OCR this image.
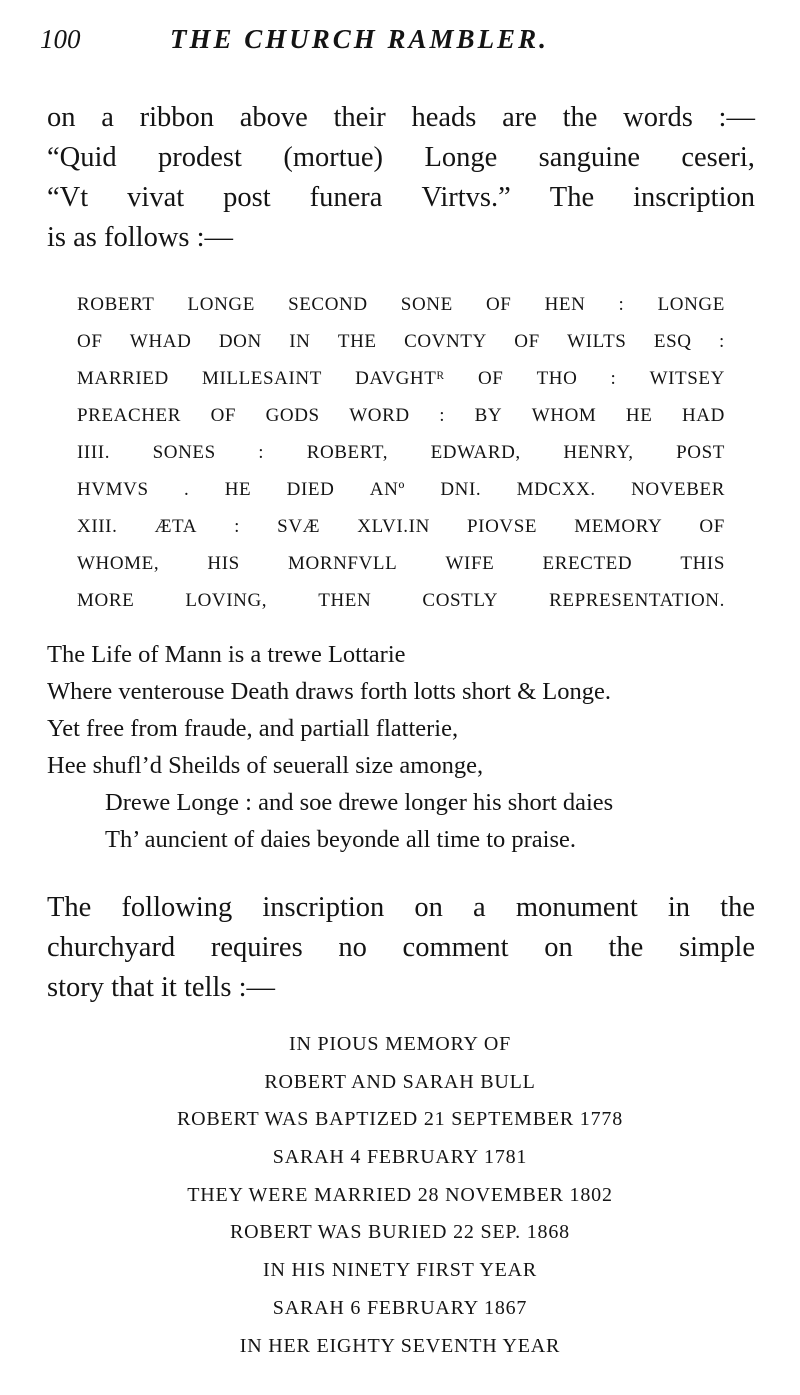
100	THE CHURCH RAMBLER.
on a ribbon above their heads are the words :—
“Quid prodest (mortue) Longe sanguine ceseri,
“Vt vivat post funera Virtvs.” The inscription
is as follows :—
ROBERT LONGE SECOND SONE OF HEN : LONGE
OF WHAD DON IN THE COVNTY OF WILTS ESQ :
MARRIED MILLESAINT DAVGHTᴿ OF THO : WITSEY
PREACHER OF GODS WORD : BY WHOM HE HAD
IIII. SONES : ROBERT, EDWARD, HENRY, POST
HVMVS . HE DIED ANº DNI. MDCXX. NOVEBER
XIII. ÆTA : SVÆ XLVI.IN PIOVSE MEMORY OF
WHOME,	HIS	MORNFVLL	WIFE	ERECTED	THIS
MORE	LOVING,	THEN	COSTLY	REPRESENTATION.
The Life of Mann is a trewe Lottarie
Where venterouse Death draws forth lotts short & Longe.
Yet free from fraude, and partiall flatterie,
Hee shufl’d Sheilds of seuerall size amonge,
Drewe Longe : and soe drewe longer his short daies
Th’ auncient of daies beyonde all time to praise.
The following inscription on a monument in the
churchyard requires no comment on the simple
story that it tells :—
IN PIOUS MEMORY OF
ROBERT AND SARAH BULL
ROBERT WAS BAPTIZED 21 SEPTEMBER 1778
SARAH 4 FEBRUARY 1781
THEY WERE MARRIED 28 NOVEMBER 1802
ROBERT WAS BURIED 22 SEP. 1868
IN HIS NINETY FIRST YEAR
SARAH 6 FEBRUARY 1867
IN HER EIGHTY SEVENTH YEAR
